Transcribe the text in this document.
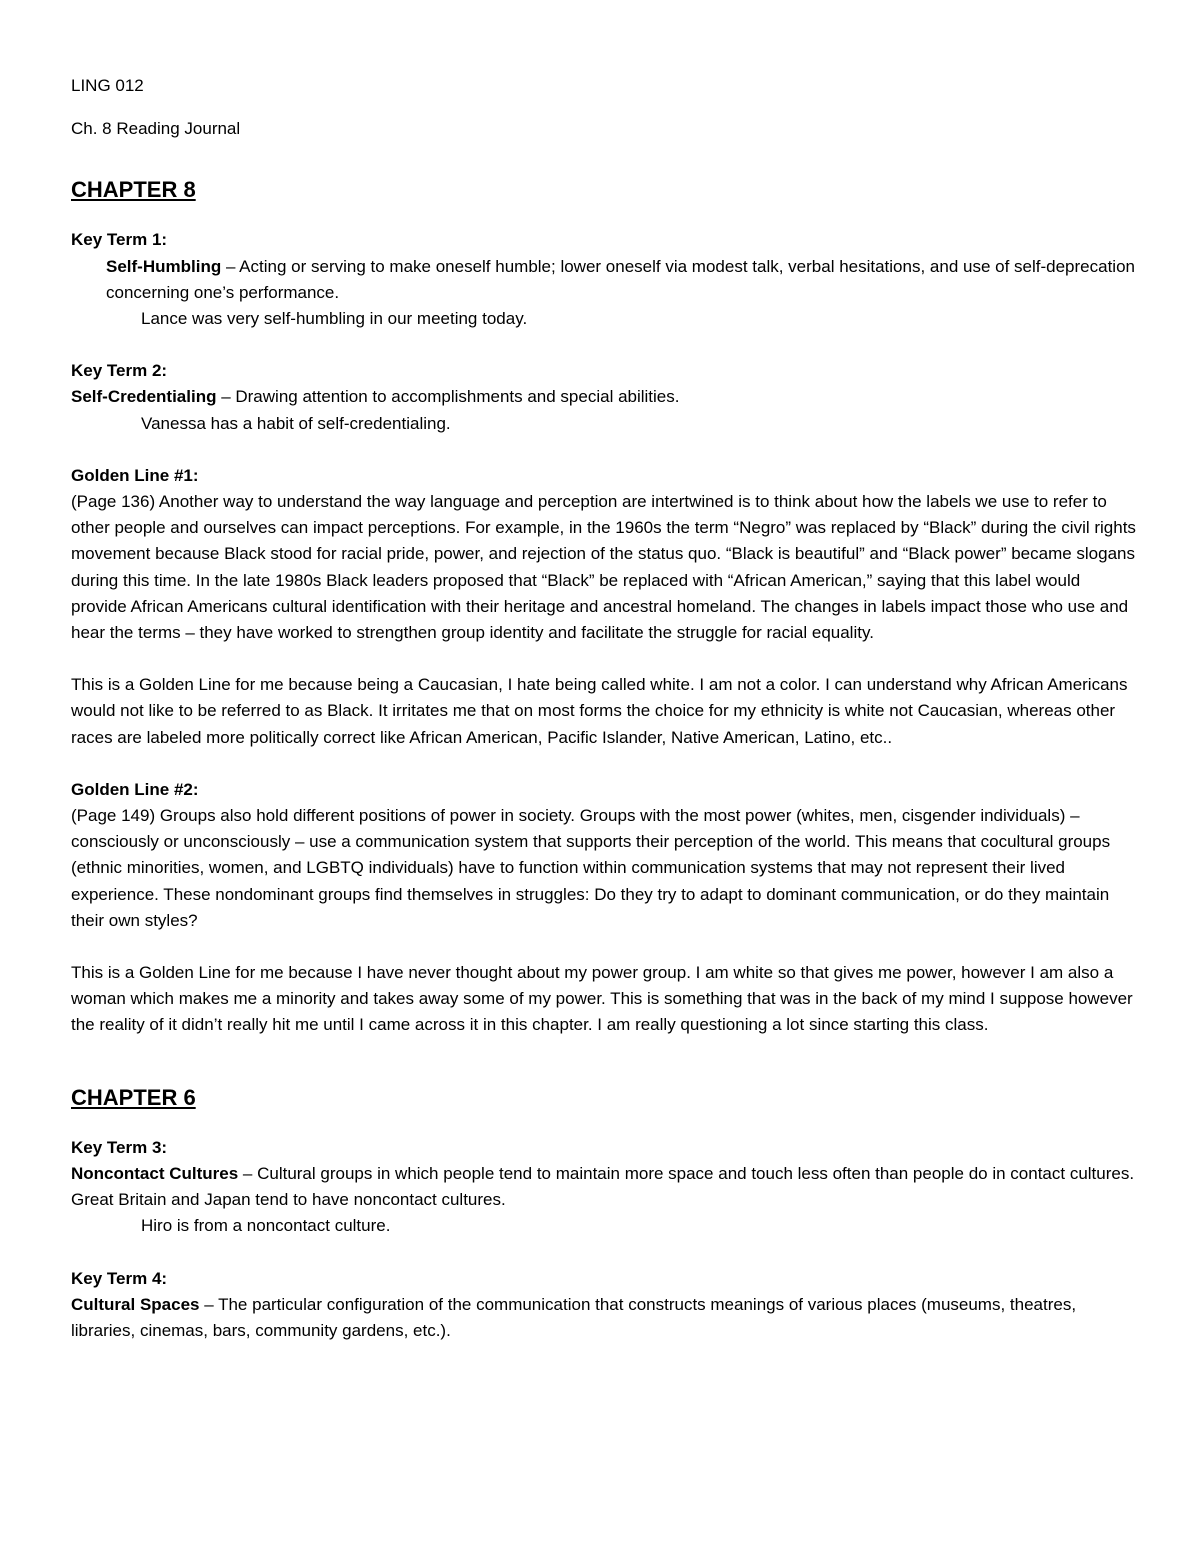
LING 012

Ch. 8 Reading Journal

CHAPTER 8

Key Term 1:

Self-Humbling – Acting or serving to make oneself humble; lower oneself via modest talk, verbal hesitations, and use of self-deprecation concerning one’s performance.

Lance was very self-humbling in our meeting today.

Key Term 2:

Self-Credentialing – Drawing attention to accomplishments and special abilities.

Vanessa has a habit of self-credentialing.

Golden Line #1:

(Page 136) Another way to understand the way language and perception are intertwined is to think about how the labels we use to refer to other people and ourselves can impact perceptions. For example, in the 1960s the term “Negro” was replaced by “Black” during the civil rights movement because Black stood for racial pride, power, and rejection of the status quo. “Black is beautiful” and “Black power” became slogans during this time. In the late 1980s Black leaders proposed that “Black” be replaced with “African American,” saying that this label would provide African Americans cultural identification with their heritage and ancestral homeland. The changes in labels impact those who use and hear the terms – they have worked to strengthen group identity and facilitate the struggle for racial equality.

This is a Golden Line for me because being a Caucasian, I hate being called white. I am not a color. I can understand why African Americans would not like to be referred to as Black. It irritates me that on most forms the choice for my ethnicity is white not Caucasian, whereas other races are labeled more politically correct like African American, Pacific Islander, Native American, Latino, etc..

Golden Line #2:

(Page 149) Groups also hold different positions of power in society. Groups with the most power (whites, men, cisgender individuals) – consciously or unconsciously – use a communication system that supports their perception of the world. This means that cocultural groups (ethnic minorities, women, and LGBTQ individuals) have to function within communication systems that may not represent their lived experience. These nondominant groups find themselves in struggles: Do they try to adapt to dominant communication, or do they maintain their own styles?

This is a Golden Line for me because I have never thought about my power group. I am white so that gives me power, however I am also a woman which makes me a minority and takes away some of my power. This is something that was in the back of my mind I suppose however the reality of it didn’t really hit me until I came across it in this chapter. I am really questioning a lot since starting this class.

CHAPTER 6

Key Term 3:

Noncontact Cultures – Cultural groups in which people tend to maintain more space and touch less often than people do in contact cultures. Great Britain and Japan tend to have noncontact cultures.

Hiro is from a noncontact culture.

Key Term 4:

Cultural Spaces – The particular configuration of the communication that constructs meanings of various places (museums, theatres, libraries, cinemas, bars, community gardens, etc.).
